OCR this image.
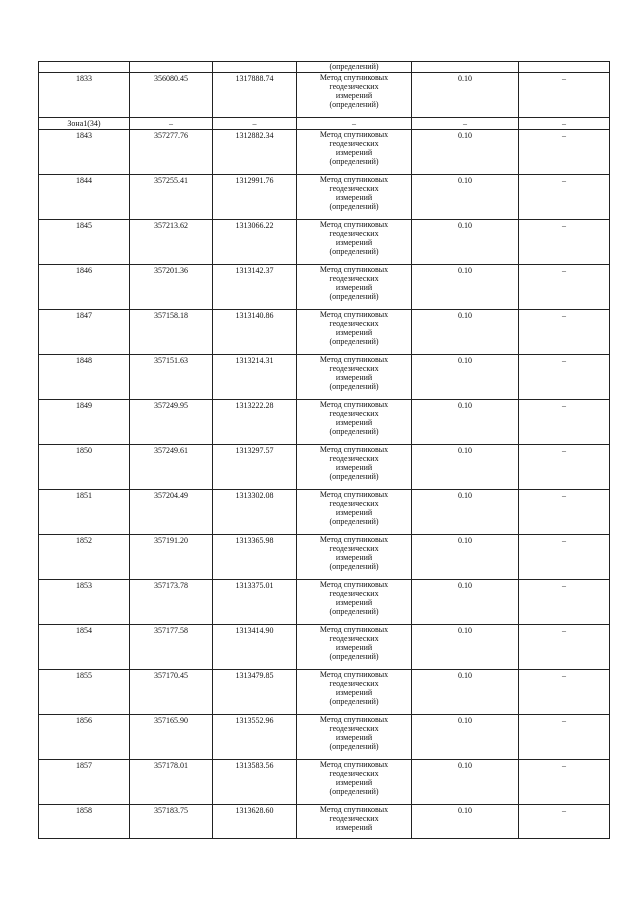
			(определений)		
1833	356080.45	1317888.74	Метод спутниковых
геодезических
измерений
(определений)	0.10	–
Зона1(34)	–	–	–	–	–
1843	357277.76	1312882.34	Метод спутниковых
геодезических
измерений
(определений)	0.10	–
1844	357255.41	1312991.76	Метод спутниковых
геодезических
измерений
(определений)	0.10	–
1845	357213.62	1313066.22	Метод спутниковых
геодезических
измерений
(определений)	0.10	–
1846	357201.36	1313142.37	Метод спутниковых
геодезических
измерений
(определений)	0.10	–
1847	357158.18	1313140.86	Метод спутниковых
геодезических
измерений
(определений)	0.10	–
1848	357151.63	1313214.31	Метод спутниковых
геодезических
измерений
(определений)	0.10	–
1849	357249.95	1313222.28	Метод спутниковых
геодезических
измерений
(определений)	0.10	–
1850	357249.61	1313297.57	Метод спутниковых
геодезических
измерений
(определений)	0.10	–
1851	357204.49	1313302.08	Метод спутниковых
геодезических
измерений
(определений)	0.10	–
1852	357191.20	1313365.98	Метод спутниковых
геодезических
измерений
(определений)	0.10	–
1853	357173.78	1313375.01	Метод спутниковых
геодезических
измерений
(определений)	0.10	–
1854	357177.58	1313414.90	Метод спутниковых
геодезических
измерений
(определений)	0.10	–
1855	357170.45	1313479.85	Метод спутниковых
геодезических
измерений
(определений)	0.10	–
1856	357165.90	1313552.96	Метод спутниковых
геодезических
измерений
(определений)	0.10	–
1857	357178.01	1313583.56	Метод спутниковых
геодезических
измерений
(определений)	0.10	–
1858	357183.75	1313628.60	Метод спутниковых
геодезических
измерений	0.10	–
